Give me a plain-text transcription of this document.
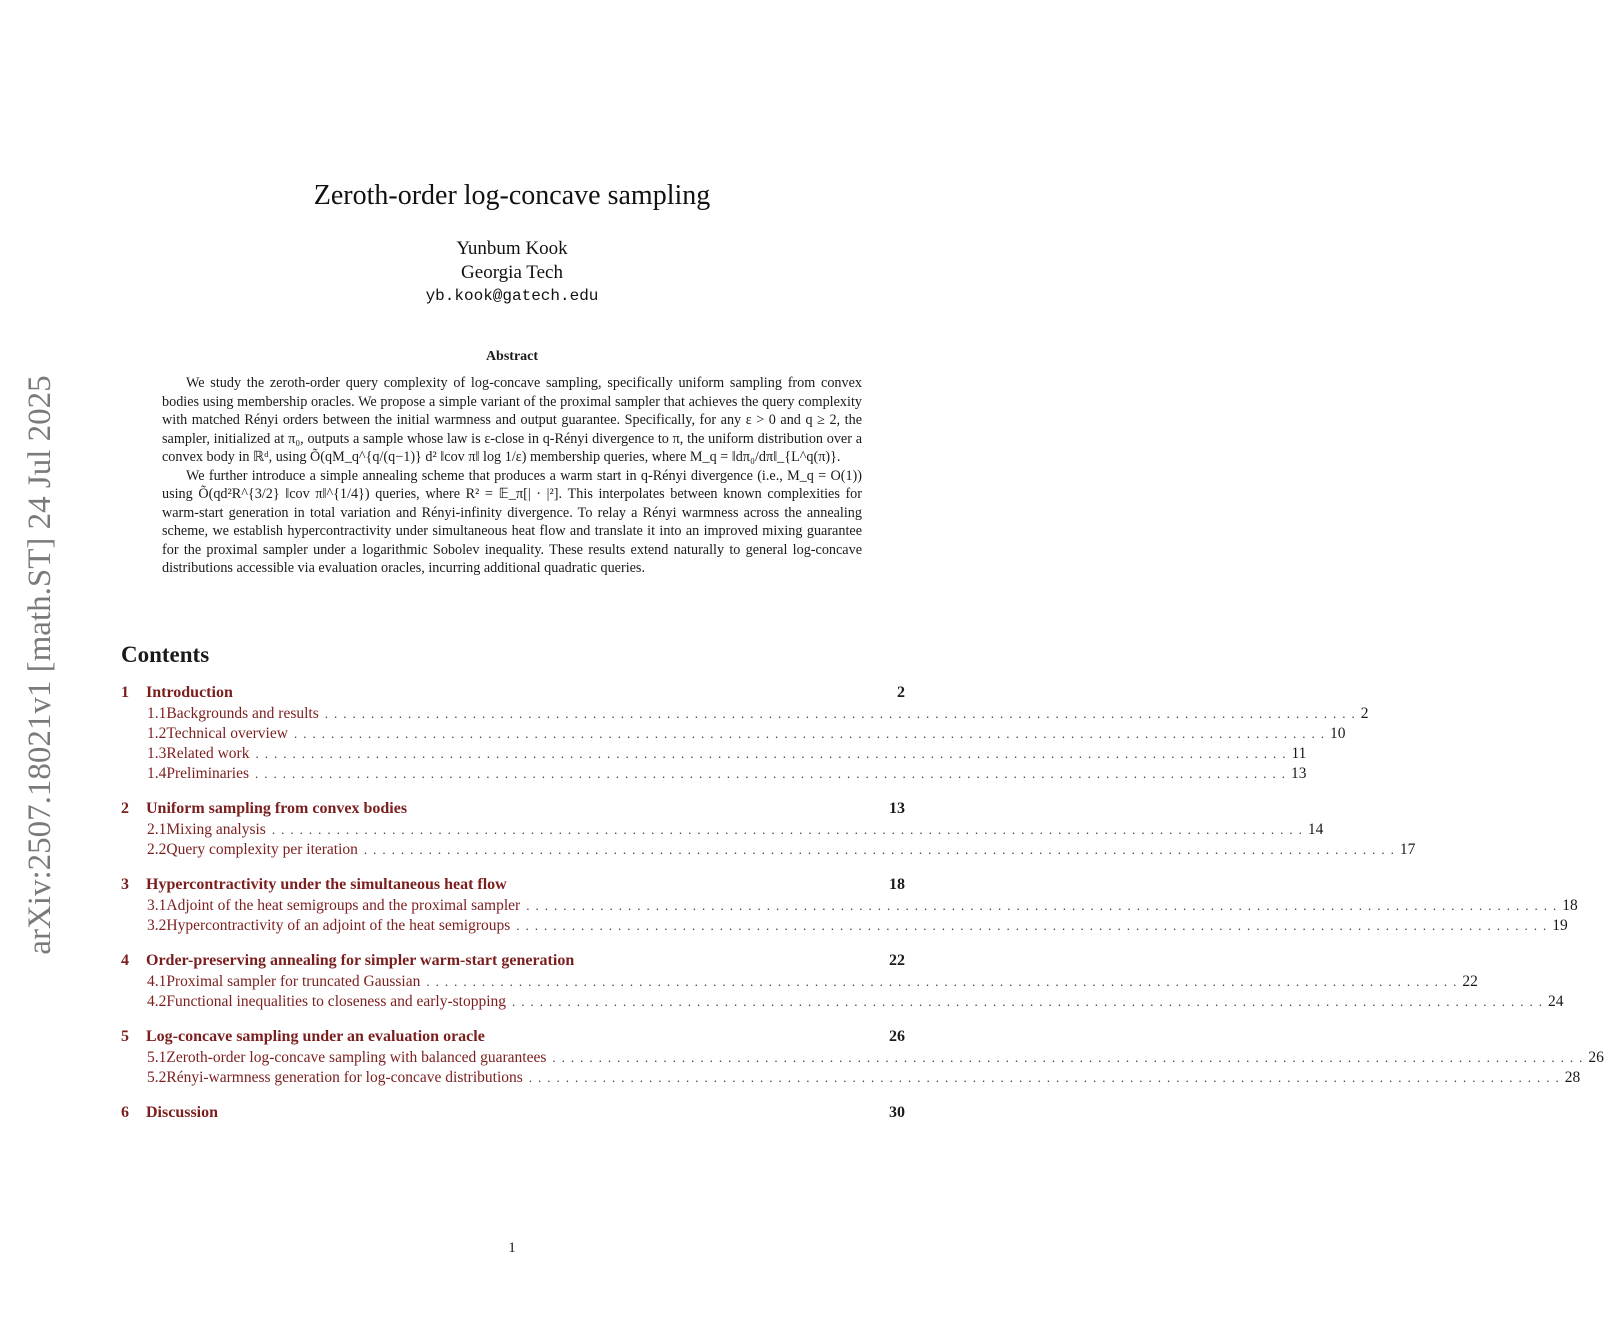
arXiv:2507.18021v1 [math.ST] 24 Jul 2025
Zeroth-order log-concave sampling
Yunbum Kook
Georgia Tech
yb.kook@gatech.edu
Abstract

We study the zeroth-order query complexity of log-concave sampling, specifically uniform sampling from convex bodies using membership oracles. We propose a simple variant of the proximal sampler that achieves the query complexity with matched Rényi orders between the initial warmness and output guarantee. Specifically, for any ε > 0 and q ≥ 2, the sampler, initialized at π₀, outputs a sample whose law is ε-close in q-Rényi divergence to π, the uniform distribution over a convex body in ℝᵈ, using Õ(qM_q^{q/(q−1)} d² ‖cov π‖ log 1/ε) membership queries, where M_q = ‖dπ₀/dπ‖_{L^q(π)}.

We further introduce a simple annealing scheme that produces a warm start in q-Rényi divergence (i.e., M_q = O(1)) using Õ(qd²R^{3/2} ‖cov π‖^{1/4}) queries, where R² = 𝔼_π[| · |²]. This interpolates between known complexities for warm-start generation in total variation and Rényi-infinity divergence. To relay a Rényi warmness across the annealing scheme, we establish hypercontractivity under simultaneous heat flow and translate it into an improved mixing guarantee for the proximal sampler under a logarithmic Sobolev inequality. These results extend naturally to general log-concave distributions accessible via evaluation oracles, incurring additional quadratic queries.

Contents
1	Introduction	2
1.1 Backgrounds and results ................................................................................................................ 2
1.2 Technical overview ................................................................................................................ 10
1.3 Related work ................................................................................................................ 11
1.4 Preliminaries ................................................................................................................ 13
2	Uniform sampling from convex bodies	13
2.1 Mixing analysis ................................................................................................................ 14
2.2 Query complexity per iteration ................................................................................................................ 17
3	Hypercontractivity under the simultaneous heat flow	18
3.1 Adjoint of the heat semigroups and the proximal sampler ................................................................................................................ 18
3.2 Hypercontractivity of an adjoint of the heat semigroups ................................................................................................................ 19
4	Order-preserving annealing for simpler warm-start generation	22
4.1 Proximal sampler for truncated Gaussian ................................................................................................................ 22
4.2 Functional inequalities to closeness and early-stopping ................................................................................................................ 24
5	Log-concave sampling under an evaluation oracle	26
5.1 Zeroth-order log-concave sampling with balanced guarantees ................................................................................................................ 26
5.2 Rényi-warmness generation for log-concave distributions ................................................................................................................ 28
6	Discussion	30
1
